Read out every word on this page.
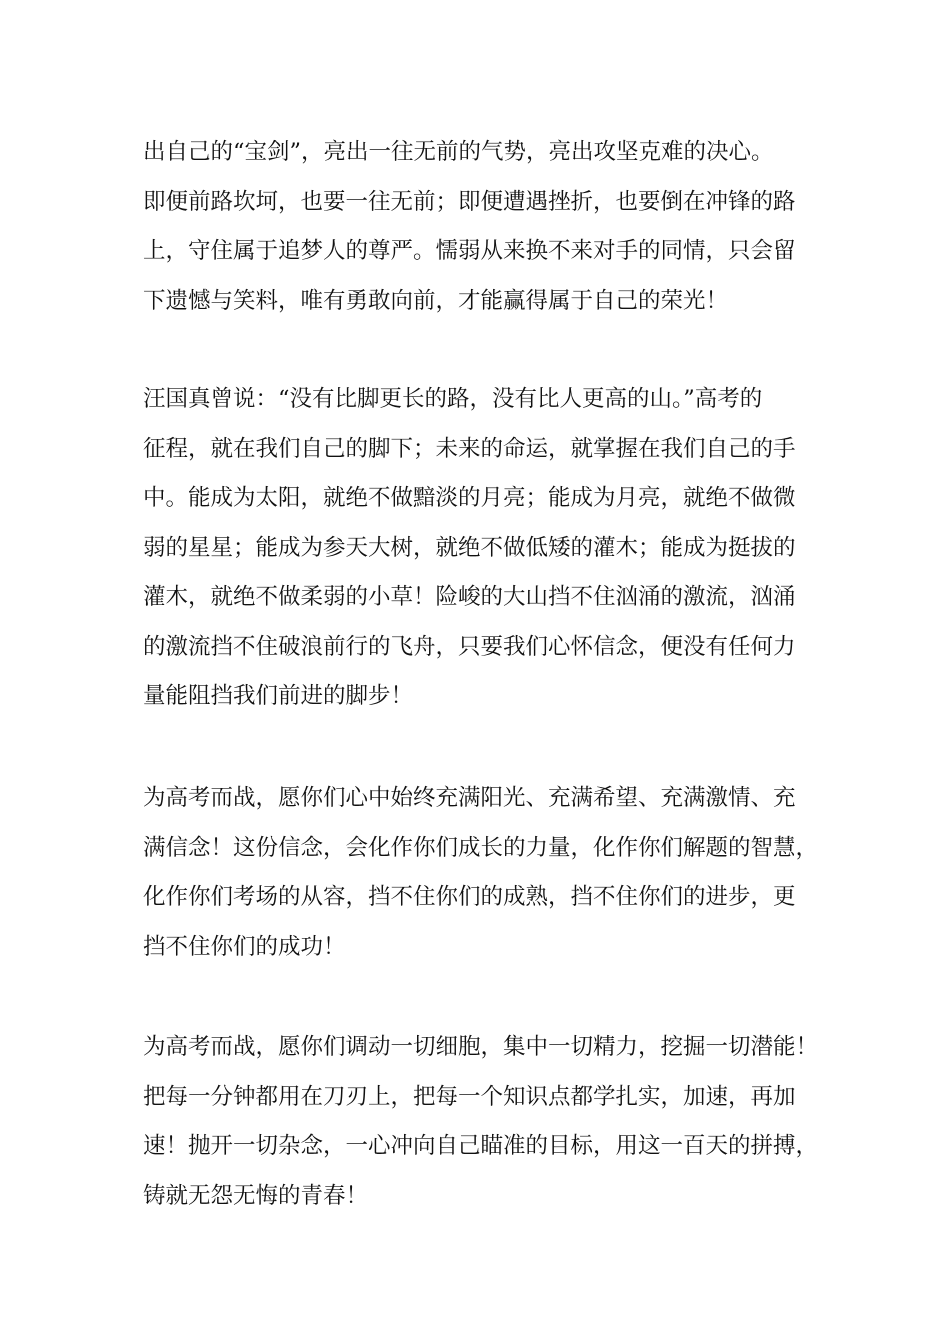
出自己的“宝剑”，亮出一往无前的气势，亮出攻坚克难的决心。
即便前路坎坷，也要一往无前；即便遭遇挫折，也要倒在冲锋的路
上，守住属于追梦人的尊严。懦弱从来换不来对手的同情，只会留
下遗憾与笑料，唯有勇敢向前，才能赢得属于自己的荣光！
汪国真曾说：“没有比脚更长的路，没有比人更高的山。”高考的
征程，就在我们自己的脚下；未来的命运，就掌握在我们自己的手
中。能成为太阳，就绝不做黯淡的月亮；能成为月亮，就绝不做微
弱的星星；能成为参天大树，就绝不做低矮的灌木；能成为挺拔的
灌木，就绝不做柔弱的小草！险峻的大山挡不住汹涌的激流，汹涌
的激流挡不住破浪前行的飞舟，只要我们心怀信念，便没有任何力
量能阻挡我们前进的脚步！
为高考而战，愿你们心中始终充满阳光、充满希望、充满激情、充
满信念！这份信念，会化作你们成长的力量，化作你们解题的智慧，
化作你们考场的从容，挡不住你们的成熟，挡不住你们的进步，更
挡不住你们的成功！
为高考而战，愿你们调动一切细胞，集中一切精力，挖掘一切潜能！
把每一分钟都用在刀刃上，把每一个知识点都学扎实，加速，再加
速！抛开一切杂念，一心冲向自己瞄准的目标，用这一百天的拼搏，
铸就无怨无悔的青春！
